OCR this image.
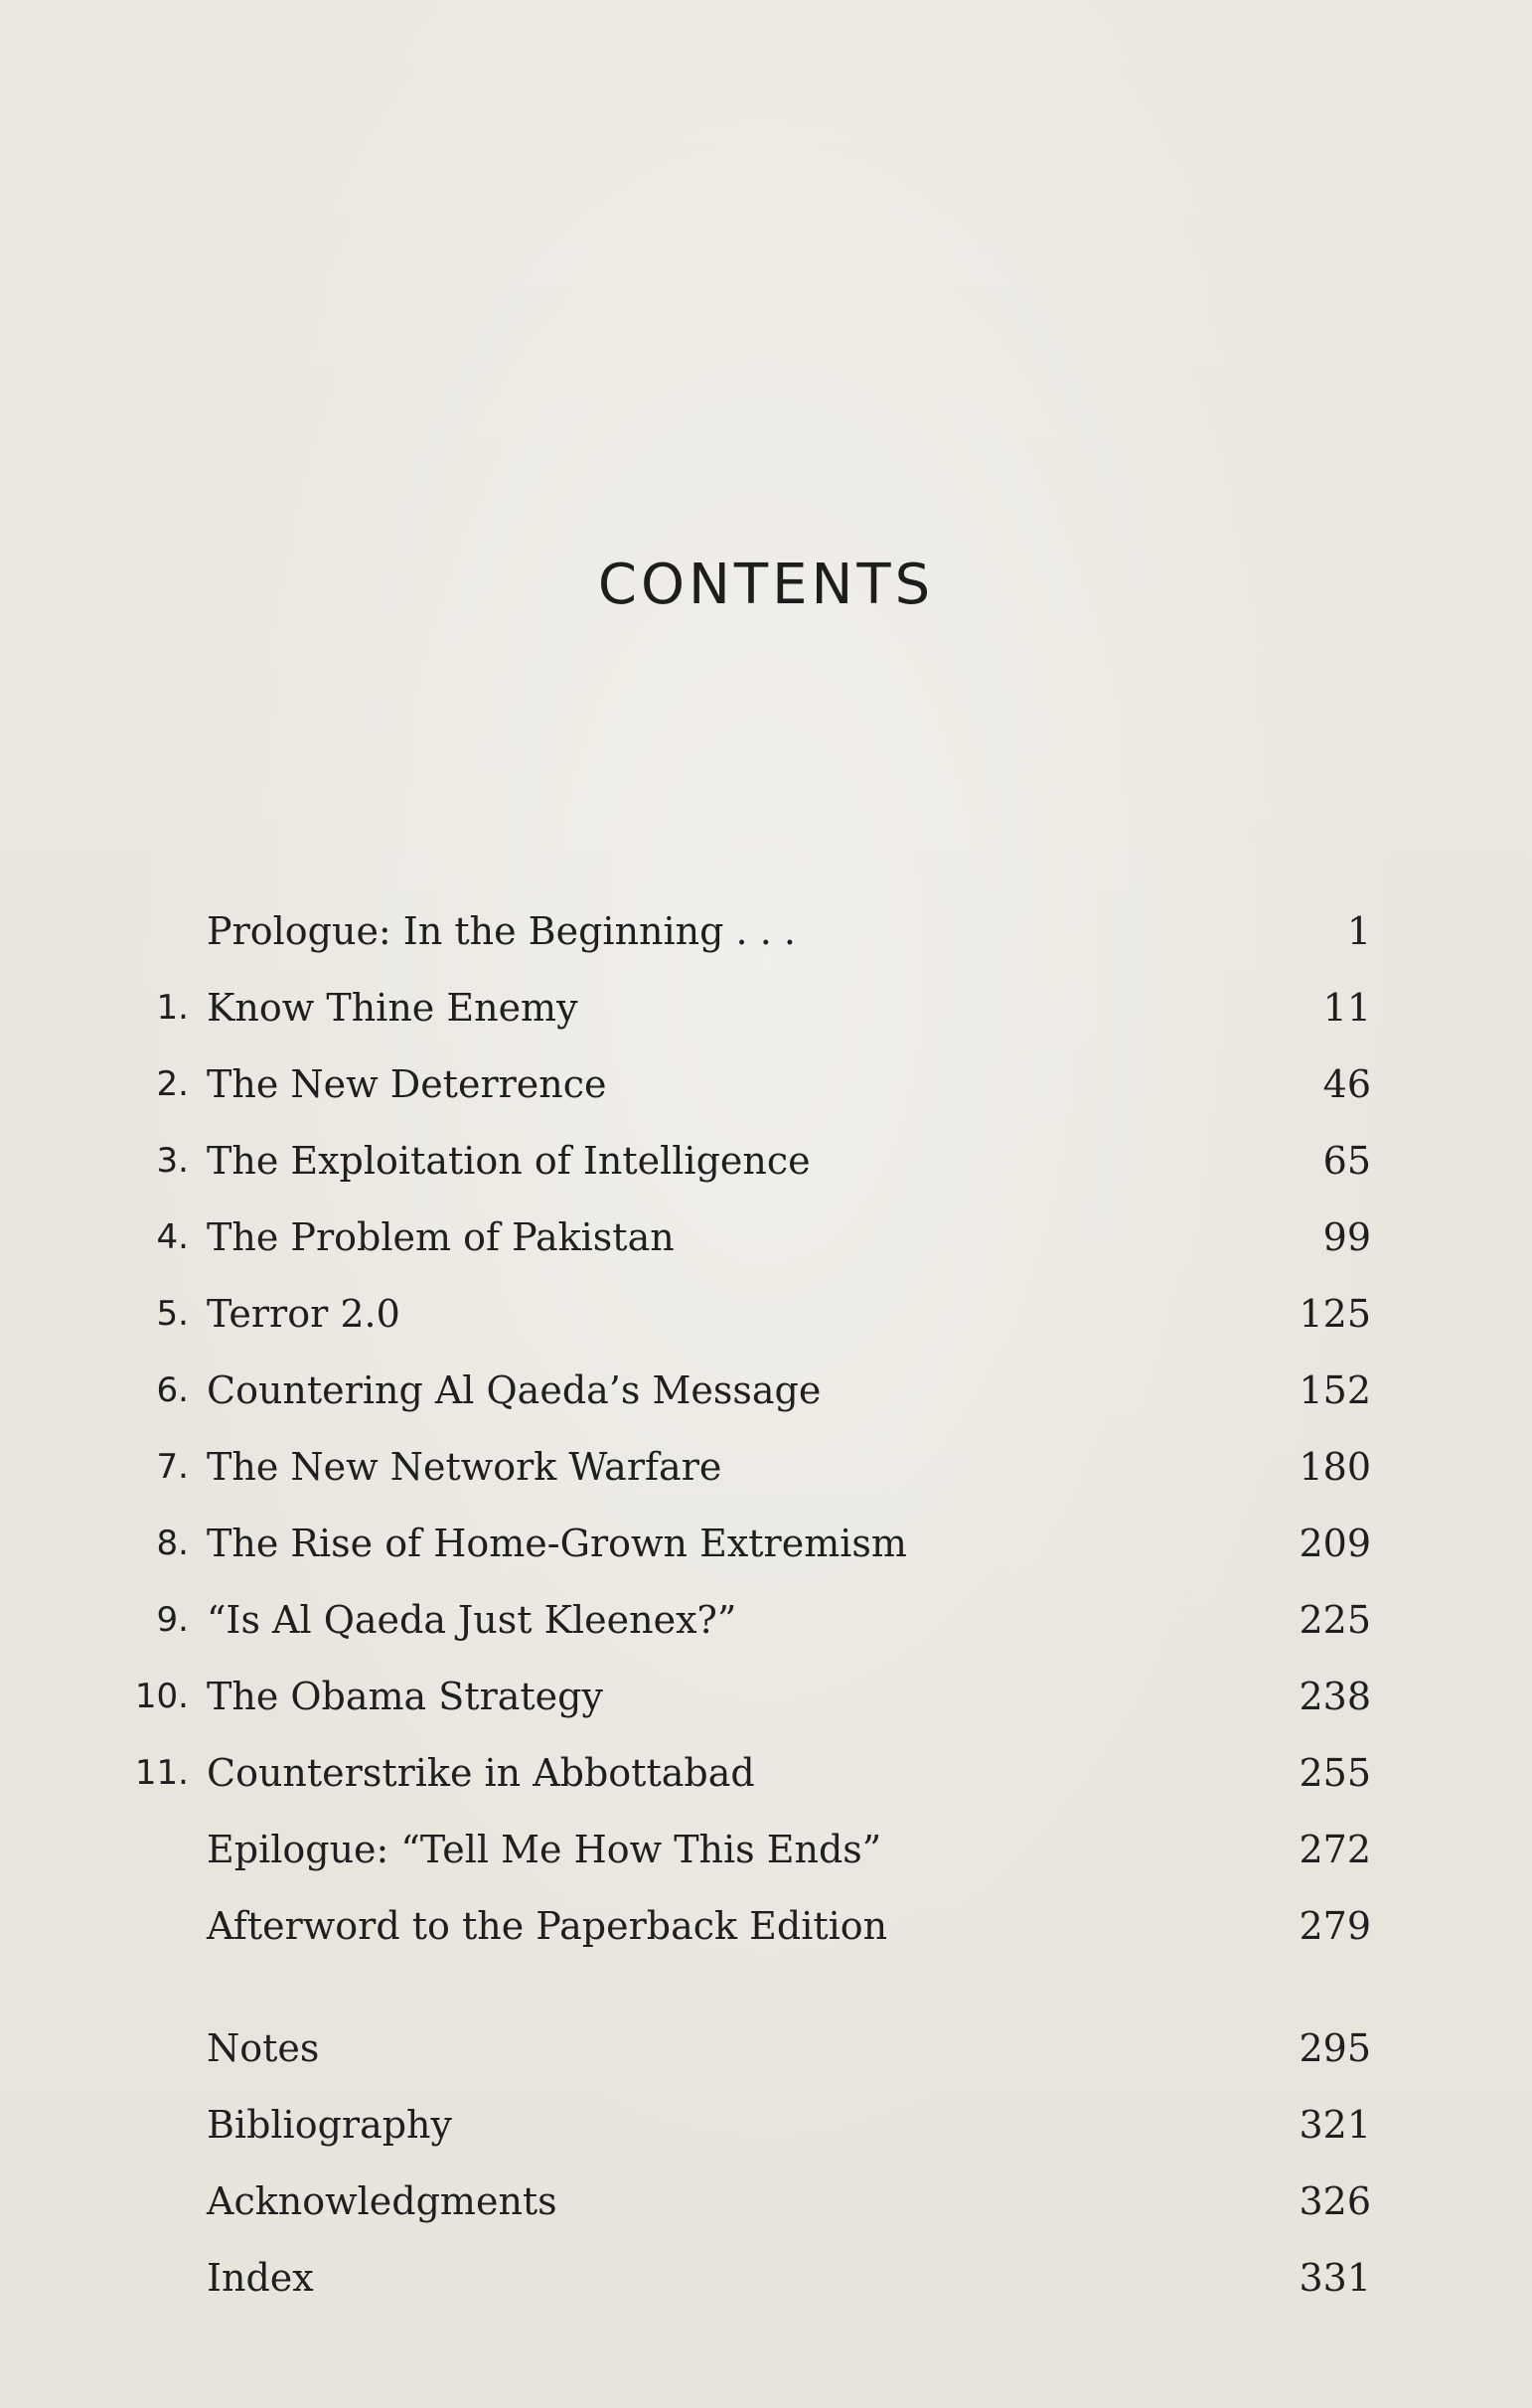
CONTENTS
Prologue: In the Beginning . . .	1
1. Know Thine Enemy	11
2. The New Deterrence	46
3. The Exploitation of Intelligence	65
4. The Problem of Pakistan	99
5. Terror 2.0	125
6. Countering Al Qaeda’s Message	152
7. The New Network Warfare	180
8. The Rise of Home-Grown Extremism	209
9. “Is Al Qaeda Just Kleenex?”	225
10. The Obama Strategy	238
11. Counterstrike in Abbottabad	255
Epilogue: “Tell Me How This Ends”	272
Afterword to the Paperback Edition	279
Notes	295
Bibliography	321
Acknowledgments	326
Index	331
